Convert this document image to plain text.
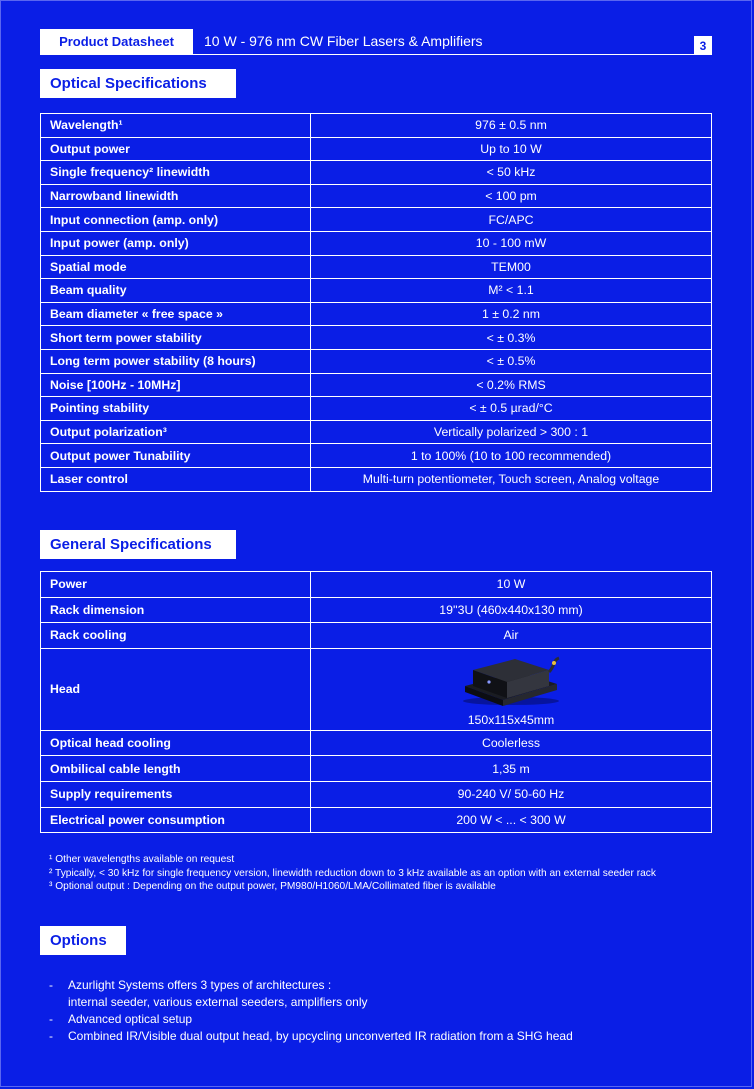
Product Datasheet	10 W - 976 nm CW Fiber Lasers & Amplifiers	3
Optical Specifications
Wavelength¹	976 ± 0.5 nm
Output power	Up to 10 W
Single frequency² linewidth	< 50 kHz
Narrowband linewidth	< 100 pm
Input connection (amp. only)	FC/APC
Input power (amp. only)	10 - 100 mW
Spatial mode	TEM00
Beam quality	M² < 1.1
Beam diameter « free space »	1 ± 0.2 nm
Short term power stability	< ± 0.3%
Long term power stability (8 hours)	< ± 0.5%
Noise [100Hz - 10MHz]	< 0.2% RMS
Pointing stability	< ± 0.5 µrad/°C
Output polarization³	Vertically polarized > 300 : 1
Output power Tunability	1 to 100% (10 to 100 recommended)
Laser control	Multi-turn potentiometer, Touch screen, Analog voltage
General Specifications
Power	10 W
Rack dimension	19''3U (460x440x130 mm)
Rack cooling	Air
Head	150x115x45mm

Optical head cooling	Coolerless
Ombilical cable length	1,35 m
Supply requirements	90-240 V/ 50-60 Hz
Electrical power consumption	200 W < ... < 300 W
¹ Other wavelengths available on request
² Typically, < 30 kHz for single frequency version, linewidth reduction down to 3 kHz available as an option with an external seeder rack
³ Optional output : Depending on the output power, PM980/H1060/LMA/Collimated fiber is available
Options
- Azurlight Systems offers 3 types of architectures :
internal seeder, various external seeders, amplifiers only
- Advanced optical setup
- Combined IR/Visible dual output head, by upcycling unconverted IR radiation from a SHG head
